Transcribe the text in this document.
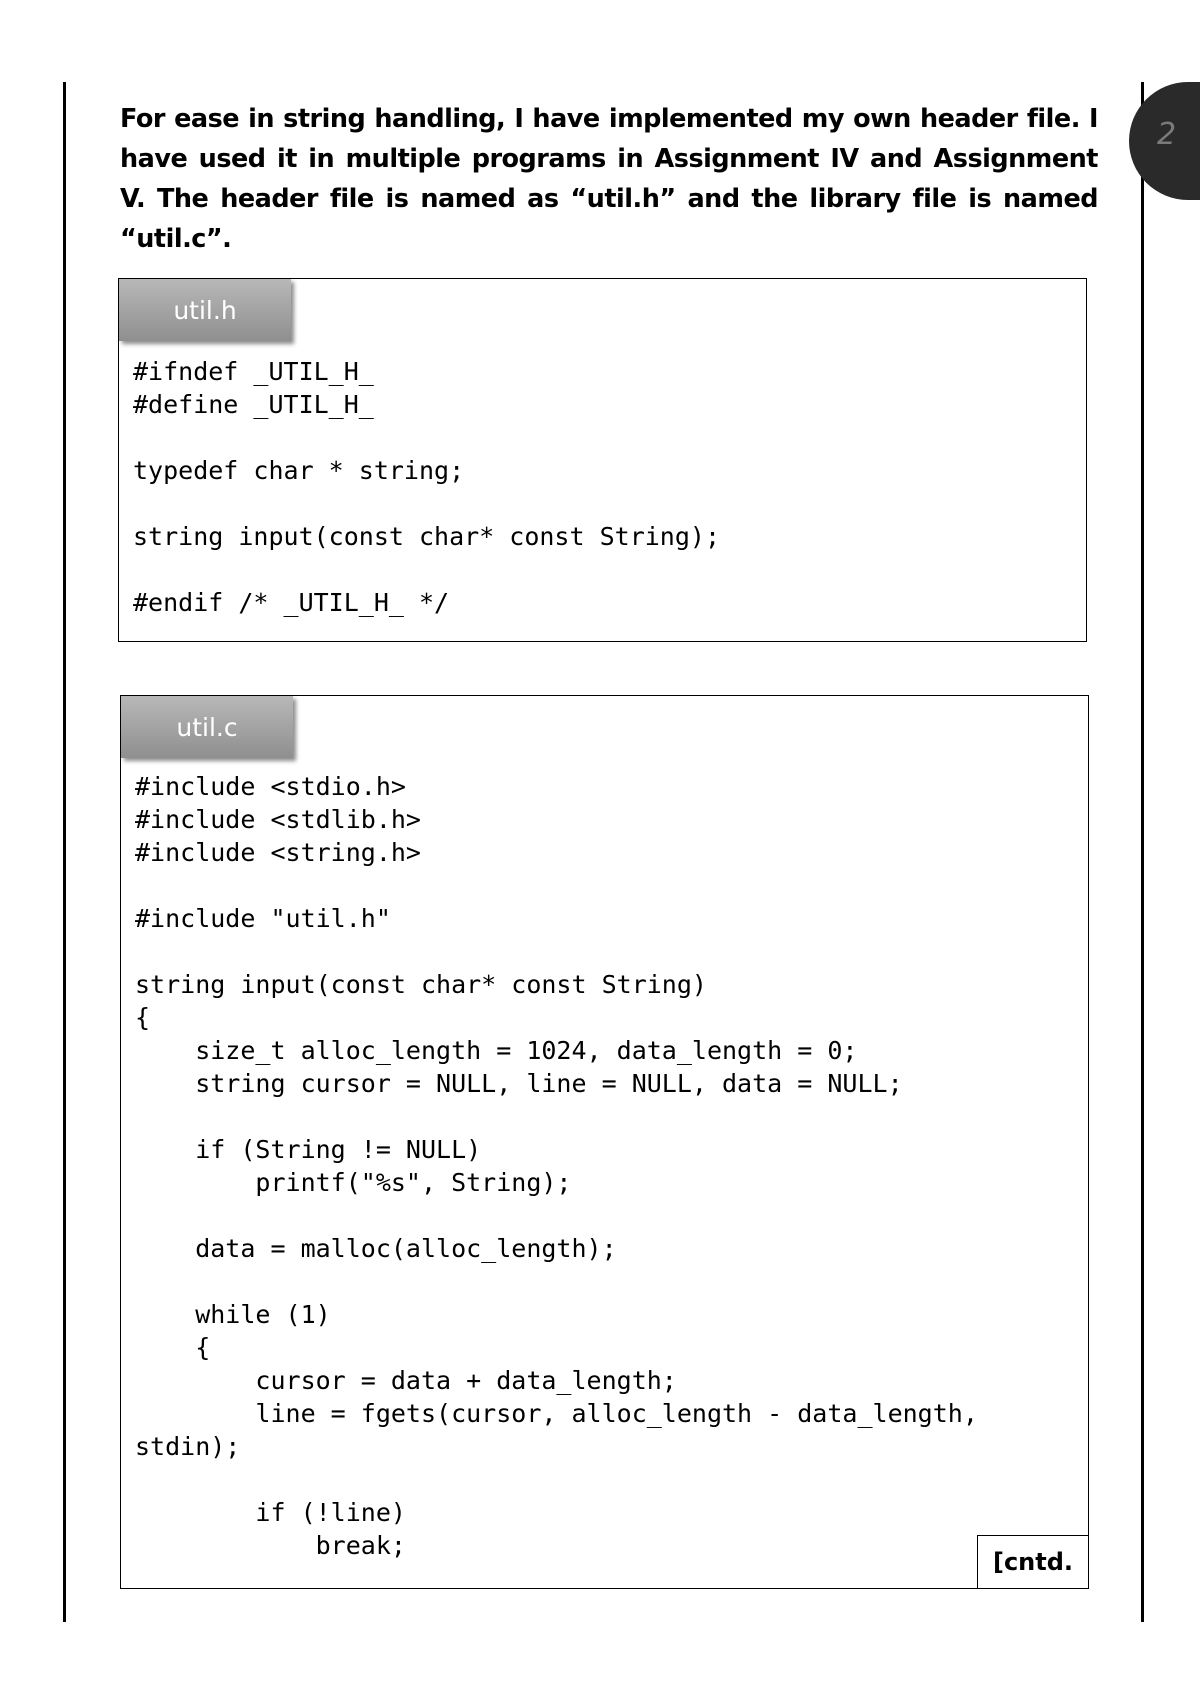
2

For ease in string handling, I have implemented my own header file. I have used it in multiple programs in Assignment IV and Assignment V. The header file is named as “util.h” and the library file is named “util.c”.

util.h
#ifndef _UTIL_H_
#define _UTIL_H_

typedef char * string;

string input(const char* const String);

#endif /* _UTIL_H_ */
util.c
#include <stdio.h>
#include <stdlib.h>
#include <string.h>

#include "util.h"

string input(const char* const String)
{
size_t alloc_length = 1024, data_length = 0;
string cursor = NULL, line = NULL, data = NULL;

if (String != NULL)
printf("%s", String);

data = malloc(alloc_length);

while (1)
{
cursor = data + data_length;
line = fgets(cursor, alloc_length - data_length,
stdin);

if (!line)
break;
[cntd.
